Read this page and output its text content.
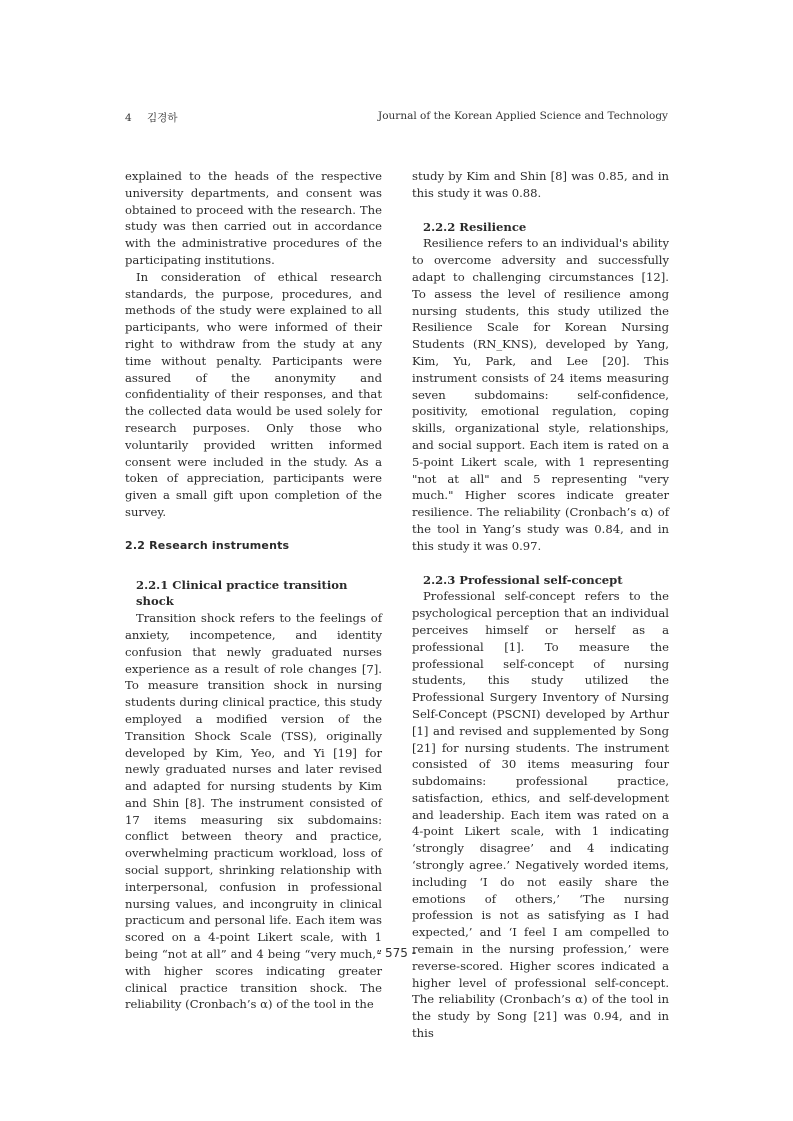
4 김경하	Journal of the Korean Applied Science and Technology

explained to the heads of the respective university departments, and consent was obtained to proceed with the research. The study was then carried out in accordance with the administrative procedures of the participating institutions.

In consideration of ethical research standards, the purpose, procedures, and methods of the study were explained to all participants, who were informed of their right to withdraw from the study at any time without penalty. Participants were assured of the anonymity and confidentiality of their responses, and that the collected data would be used solely for research purposes. Only those who voluntarily provided written informed consent were included in the study. As a token of appreciation, participants were given a small gift upon completion of the survey.

2.2 Research instruments
2.2.1 Clinical practice transition shock

Transition shock refers to the feelings of anxiety, incompetence, and identity confusion that newly graduated nurses experience as a result of role changes [7]. To measure transition shock in nursing students during clinical practice, this study employed a modified version of the Transition Shock Scale (TSS), originally developed by Kim, Yeo, and Yi [19] for newly graduated nurses and later revised and adapted for nursing students by Kim and Shin [8]. The instrument consisted of 17 items measuring six subdomains: conflict between theory and practice, overwhelming practicum workload, loss of social support, shrinking relationship with interpersonal, confusion in professional nursing values, and incongruity in clinical practicum and personal life. Each item was scored on a 4-point Likert scale, with 1 being “not at all” and 4 being “very much,” with higher scores indicating greater clinical practice transition shock. The reliability (Cronbach’s α) of the tool in the

study by Kim and Shin [8] was 0.85, and in this study it was 0.88.

2.2.2 Resilience

Resilience refers to an individual's ability to overcome adversity and successfully adapt to challenging circumstances [12]. To assess the level of resilience among nursing students, this study utilized the Resilience Scale for Korean Nursing Students (RN_KNS), developed by Yang, Kim, Yu, Park, and Lee [20]. This instrument consists of 24 items measuring seven subdomains: self-confidence, positivity, emotional regulation, coping skills, organizational style, relationships, and social support. Each item is rated on a 5-point Likert scale, with 1 representing "not at all" and 5 representing "very much." Higher scores indicate greater resilience. The reliability (Cronbach’s α) of the tool in Yang’s study was 0.84, and in this study it was 0.97.

2.2.3 Professional self-concept

Professional self-concept refers to the psychological perception that an individual perceives himself or herself as a professional [1]. To measure the professional self-concept of nursing students, this study utilized the Professional Surgery Inventory of Nursing Self-Concept (PSCNI) developed by Arthur [1] and revised and supplemented by Song [21] for nursing students. The instrument consisted of 30 items measuring four subdomains: professional practice, satisfaction, ethics, and self-development and leadership. Each item was rated on a 4-point Likert scale, with 1 indicating ‘strongly disagree’ and 4 indicating ‘strongly agree.’ Negatively worded items, including ‘I do not easily share the emotions of others,’ ‘The nursing profession is not as satisfying as I had expected,’ and ‘I feel I am compelled to remain in the nursing profession,’ were reverse-scored. Higher scores indicated a higher level of professional self-concept. The reliability (Cronbach’s α) of the tool in the study by Song [21] was 0.94, and in this

- 575 -
